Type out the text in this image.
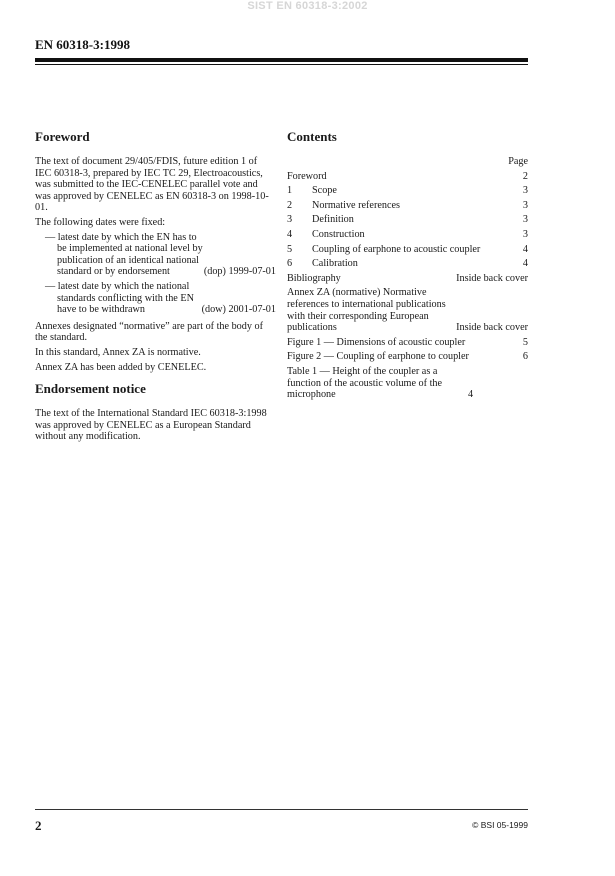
SIST EN 60318-3:2002
EN 60318-3:1998
Foreword

The text of document 29/405/FDIS, future edition 1 of IEC 60318-3, prepared by IEC TC 29, Electroacoustics, was submitted to the IEC-CENELEC parallel vote and was approved by CENELEC as EN 60318-3 on 1998-10-01.

The following dates were fixed:

— latest date by which the EN has to be implemented at national level by publication of an identical national standard or by endorsement	(dop) 1999-07-01
— latest date by which the national standards conflicting with the EN have to be withdrawn	(dow) 2001-07-01

Annexes designated “normative” are part of the body of the standard.

In this standard, Annex ZA is normative.

Annex ZA has been added by CENELEC.

Endorsement notice

The text of the International Standard IEC 60318-3:1998 was approved by CENELEC as a European Standard without any modification.

Contents
Page
Foreword	2
1	Scope	3
2	Normative references	3
3	Definition	3
4	Construction	3
5	Coupling of earphone to acoustic coupler	4
6	Calibration	4
Bibliography	Inside back cover
Annex ZA (normative) Normative references to international publications with their corresponding European publications	Inside back cover
Figure 1 — Dimensions of acoustic coupler	5
Figure 2 — Coupling of earphone to coupler	6
Table 1 — Height of the coupler as a function of the acoustic volume of the microphone	4
2	© BSI 05-1999
